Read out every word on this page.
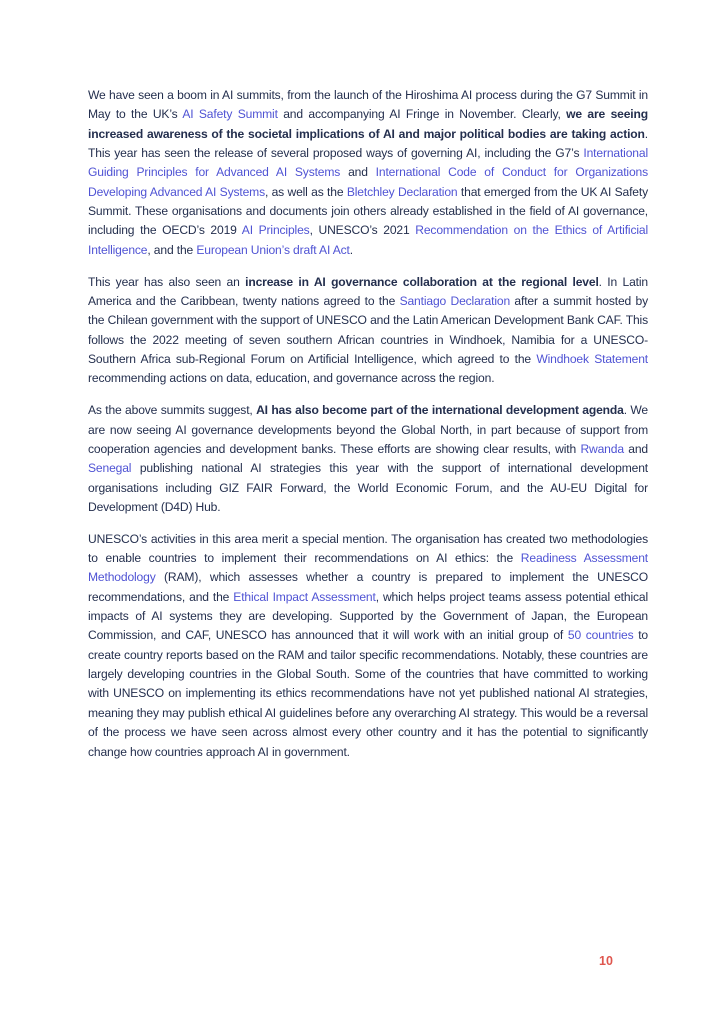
We have seen a boom in AI summits, from the launch of the Hiroshima AI process during the G7 Summit in May to the UK’s AI Safety Summit and accompanying AI Fringe in November. Clearly, we are seeing increased awareness of the societal implications of AI and major political bodies are taking action. This year has seen the release of several proposed ways of governing AI, including the G7’s International Guiding Principles for Advanced AI Systems and International Code of Conduct for Organizations Developing Advanced AI Systems, as well as the Bletchley Declaration that emerged from the UK AI Safety Summit. These organisations and documents join others already established in the field of AI governance, including the OECD’s 2019 AI Principles, UNESCO’s 2021 Recommendation on the Ethics of Artificial Intelligence, and the European Union’s draft AI Act.

This year has also seen an increase in AI governance collaboration at the regional level. In Latin America and the Caribbean, twenty nations agreed to the Santiago Declaration after a summit hosted by the Chilean government with the support of UNESCO and the Latin American Development Bank CAF. This follows the 2022 meeting of seven southern African countries in Windhoek, Namibia for a UNESCO-Southern Africa sub-Regional Forum on Artificial Intelligence, which agreed to the Windhoek Statement recommending actions on data, education, and governance across the region.

As the above summits suggest, AI has also become part of the international development agenda. We are now seeing AI governance developments beyond the Global North, in part because of support from cooperation agencies and development banks. These efforts are showing clear results, with Rwanda and Senegal publishing national AI strategies this year with the support of international development organisations including GIZ FAIR Forward, the World Economic Forum, and the AU-EU Digital for Development (D4D) Hub.

UNESCO’s activities in this area merit a special mention. The organisation has created two methodologies to enable countries to implement their recommendations on AI ethics: the Readiness Assessment Methodology (RAM), which assesses whether a country is prepared to implement the UNESCO recommendations, and the Ethical Impact Assessment, which helps project teams assess potential ethical impacts of AI systems they are developing. Supported by the Government of Japan, the European Commission, and CAF, UNESCO has announced that it will work with an initial group of 50 countries to create country reports based on the RAM and tailor specific recommendations. Notably, these countries are largely developing countries in the Global South. Some of the countries that have committed to working with UNESCO on implementing its ethics recommendations have not yet published national AI strategies, meaning they may publish ethical AI guidelines before any overarching AI strategy. This would be a reversal of the process we have seen across almost every other country and it has the potential to significantly change how countries approach AI in government.

10
